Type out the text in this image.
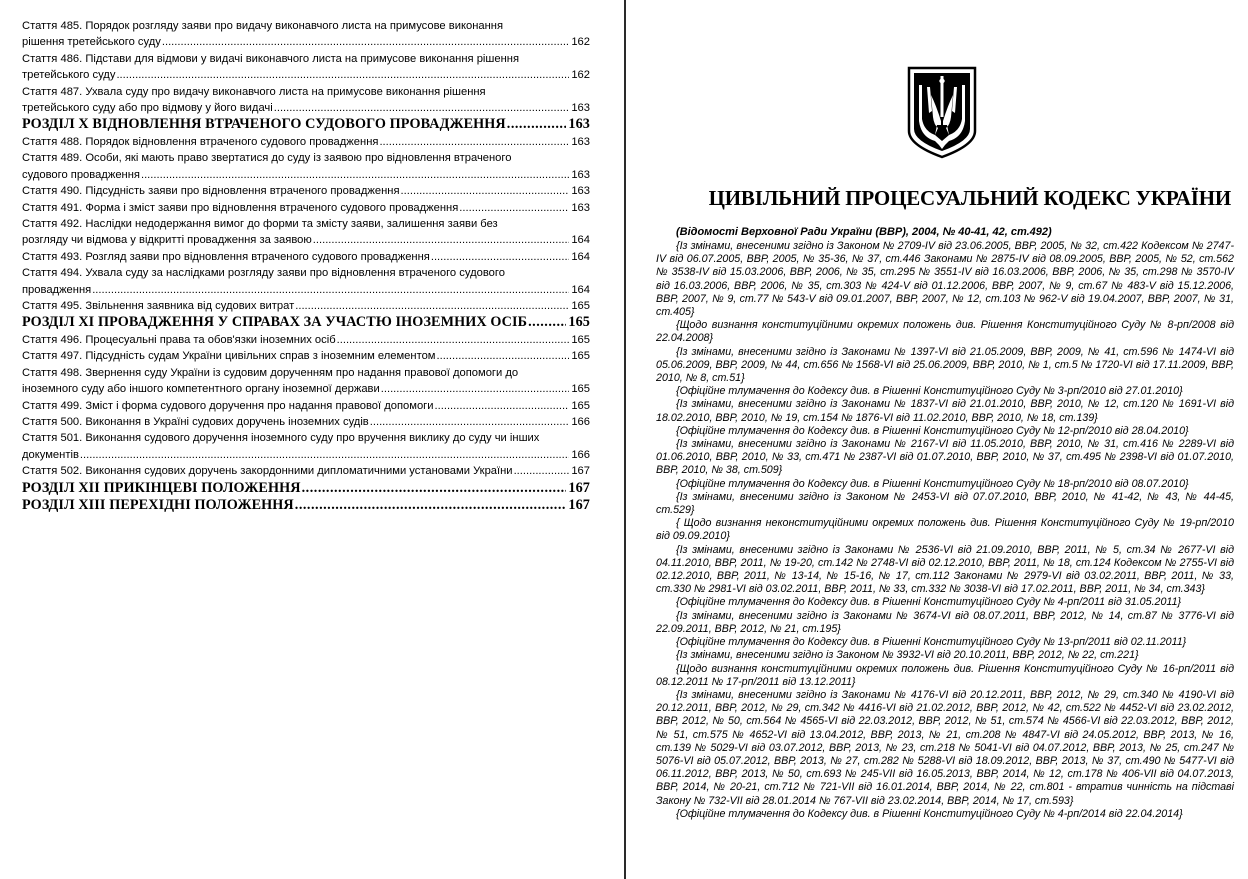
Стаття 485. Порядок розгляду заяви про видачу виконавчого листа на примусове виконання
рішення третейського суду .....	162
Стаття 486. Підстави для відмови у видачі виконавчого листа на примусове виконання рішення
третейського суду .....	162
Стаття 487. Ухвала суду про видачу виконавчого листа на примусове виконання рішення
третейського суду або про відмову у його видачі .....	163
РОЗДІЛ X ВІДНОВЛЕННЯ ВТРАЧЕНОГО СУДОВОГО ПРОВАДЖЕННЯ .....	163
Стаття 488. Порядок відновлення втраченого судового провадження .....	163
Стаття 489. Особи, які мають право звертатися до суду із заявою про відновлення втраченого
судового провадження .....	163
Стаття 490. Підсудність заяви про відновлення втраченого провадження .....	163
Стаття 491. Форма і зміст заяви про відновлення втраченого судового провадження .....	163
Стаття 492. Наслідки недодержання вимог до форми та змісту заяви, залишення заяви без
розгляду чи відмова у відкритті провадження за заявою .....	164
Стаття 493. Розгляд заяви про відновлення втраченого судового провадження .....	164
Стаття 494. Ухвала суду за наслідками розгляду заяви про відновлення втраченого судового
провадження .....	164
Стаття 495. Звільнення заявника від судових витрат .....	165
РОЗДІЛ XI ПРОВАДЖЕННЯ У СПРАВАХ ЗА УЧАСТЮ ІНОЗЕМНИХ ОСІБ .....	165
Стаття 496. Процесуальні права та обов'язки іноземних осіб .....	165
Стаття 497. Підсудність судам України цивільних справ з іноземним елементом .....	165
Стаття 498. Звернення суду України із судовим дорученням про надання правової допомоги до
іноземного суду або іншого компетентного органу іноземної держави .....	165
Стаття 499. Зміст і форма судового доручення про надання правової допомоги .....	165
Стаття 500. Виконання в Україні судових доручень іноземних судів .....	166
Стаття 501. Виконання судового доручення іноземного суду про вручення виклику до суду чи інших
документів .....	166
Стаття 502. Виконання судових доручень закордонними дипломатичними установами України .....	167
РОЗДІЛ XII ПРИКІНЦЕВІ ПОЛОЖЕННЯ .....	167
РОЗДІЛ XIII ПЕРЕХІДНІ ПОЛОЖЕННЯ .....	167
ЦИВІЛЬНИЙ ПРОЦЕСУАЛЬНИЙ КОДЕКС УКРАЇНИ
(Відомості Верховної Ради України (ВВР), 2004, № 40-41, 42, ст.492)

{Із змінами, внесеними згідно із Законом № 2709-IV від 23.06.2005, ВВР, 2005, № 32, ст.422 Кодексом № 2747-IV від 06.07.2005, ВВР, 2005, № 35-36, № 37, ст.446 Законами № 2875-IV від 08.09.2005, ВВР, 2005, № 52, ст.562 № 3538-IV від 15.03.2006, ВВР, 2006, № 35, ст.295 № 3551-IV від 16.03.2006, ВВР, 2006, № 35, ст.298 № 3570-IV від 16.03.2006, ВВР, 2006, № 35, ст.303 № 424-V від 01.12.2006, ВВР, 2007, № 9, ст.67 № 483-V від 15.12.2006, ВВР, 2007, № 9, ст.77 № 543-V від 09.01.2007, ВВР, 2007, № 12, ст.103 № 962-V від 19.04.2007, ВВР, 2007, № 31, ст.405}

{Щодо визнання конституційними окремих положень див. Рішення Конституційного Суду № 8-рп/2008 від 22.04.2008}

{Із змінами, внесеними згідно із Законами № 1397-VI від 21.05.2009, ВВР, 2009, № 41, ст.596 № 1474-VI від 05.06.2009, ВВР, 2009, № 44, ст.656 № 1568-VI від 25.06.2009, ВВР, 2010, № 1, ст.5 № 1720-VI від 17.11.2009, ВВР, 2010, № 8, ст.51}

{Офіційне тлумачення до Кодексу див. в Рішенні Конституційного Суду № 3-рп/2010 від 27.01.2010}

{Із змінами, внесеними згідно із Законами № 1837-VI від 21.01.2010, ВВР, 2010, № 12, ст.120 № 1691-VI від 18.02.2010, ВВР, 2010, № 19, ст.154 № 1876-VI від 11.02.2010, ВВР, 2010, № 18, ст.139}

{Офіційне тлумачення до Кодексу див. в Рішенні Конституційного Суду № 12-рп/2010 від 28.04.2010}

{Із змінами, внесеними згідно із Законами № 2167-VI від 11.05.2010, ВВР, 2010, № 31, ст.416 № 2289-VI від 01.06.2010, ВВР, 2010, № 33, ст.471 № 2387-VI від 01.07.2010, ВВР, 2010, № 37, ст.495 № 2398-VI від 01.07.2010, ВВР, 2010, № 38, ст.509}

{Офіційне тлумачення до Кодексу див. в Рішенні Конституційного Суду № 18-рп/2010 від 08.07.2010}

{Із змінами, внесеними згідно із Законом № 2453-VI від 07.07.2010, ВВР, 2010, № 41-42, № 43, № 44-45, ст.529}

{ Щодо визнання неконституційними окремих положень див. Рішення Конституційного Суду № 19-рп/2010 від 09.09.2010}

{Із змінами, внесеними згідно із Законами № 2536-VI від 21.09.2010, ВВР, 2011, № 5, ст.34 № 2677-VI від 04.11.2010, ВВР, 2011, № 19-20, ст.142 № 2748-VI від 02.12.2010, ВВР, 2011, № 18, ст.124 Кодексом № 2755-VI від 02.12.2010, ВВР, 2011, № 13-14, № 15-16, № 17, ст.112 Законами № 2979-VI від 03.02.2011, ВВР, 2011, № 33, ст.330 № 2981-VI від 03.02.2011, ВВР, 2011, № 33, ст.332 № 3038-VI від 17.02.2011, ВВР, 2011, № 34, ст.343}

{Офіційне тлумачення до Кодексу див. в Рішенні Конституційного Суду № 4-рп/2011 від 31.05.2011}

{Із змінами, внесеними згідно із Законами № 3674-VI від 08.07.2011, ВВР, 2012, № 14, ст.87 № 3776-VI від 22.09.2011, ВВР, 2012, № 21, ст.195}

{Офіційне тлумачення до Кодексу див. в Рішенні Конституційного Суду № 13-рп/2011 від 02.11.2011}

{Із змінами, внесеними згідно із Законом № 3932-VI від 20.10.2011, ВВР, 2012, № 22, ст.221}

{Щодо визнання конституційними окремих положень див. Рішення Конституційного Суду № 16-рп/2011 від 08.12.2011 № 17-рп/2011 від 13.12.2011}

{Із змінами, внесеними згідно із Законами № 4176-VI від 20.12.2011, ВВР, 2012, № 29, ст.340 № 4190-VI від 20.12.2011, ВВР, 2012, № 29, ст.342 № 4416-VI від 21.02.2012, ВВР, 2012, № 42, ст.522 № 4452-VI від 23.02.2012, ВВР, 2012, № 50, ст.564 № 4565-VI від 22.03.2012, ВВР, 2012, № 51, ст.574 № 4566-VI від 22.03.2012, ВВР, 2012, № 51, ст.575 № 4652-VI від 13.04.2012, ВВР, 2013, № 21, ст.208 № 4847-VI від 24.05.2012, ВВР, 2013, № 16, ст.139 № 5029-VI від 03.07.2012, ВВР, 2013, № 23, ст.218 № 5041-VI від 04.07.2012, ВВР, 2013, № 25, ст.247 № 5076-VI від 05.07.2012, ВВР, 2013, № 27, ст.282 № 5288-VI від 18.09.2012, ВВР, 2013, № 37, ст.490 № 5477-VI від 06.11.2012, ВВР, 2013, № 50, ст.693 № 245-VII від 16.05.2013, ВВР, 2014, № 12, ст.178 № 406-VII від 04.07.2013, ВВР, 2014, № 20-21, ст.712 № 721-VII від 16.01.2014, ВВР, 2014, № 22, ст.801 - втратив чинність на підставі Закону № 732-VII від 28.01.2014 № 767-VII від 23.02.2014, ВВР, 2014, № 17, ст.593}

{Офіційне тлумачення до Кодексу див. в Рішенні Конституційного Суду № 4-рп/2014 від 22.04.2014}
